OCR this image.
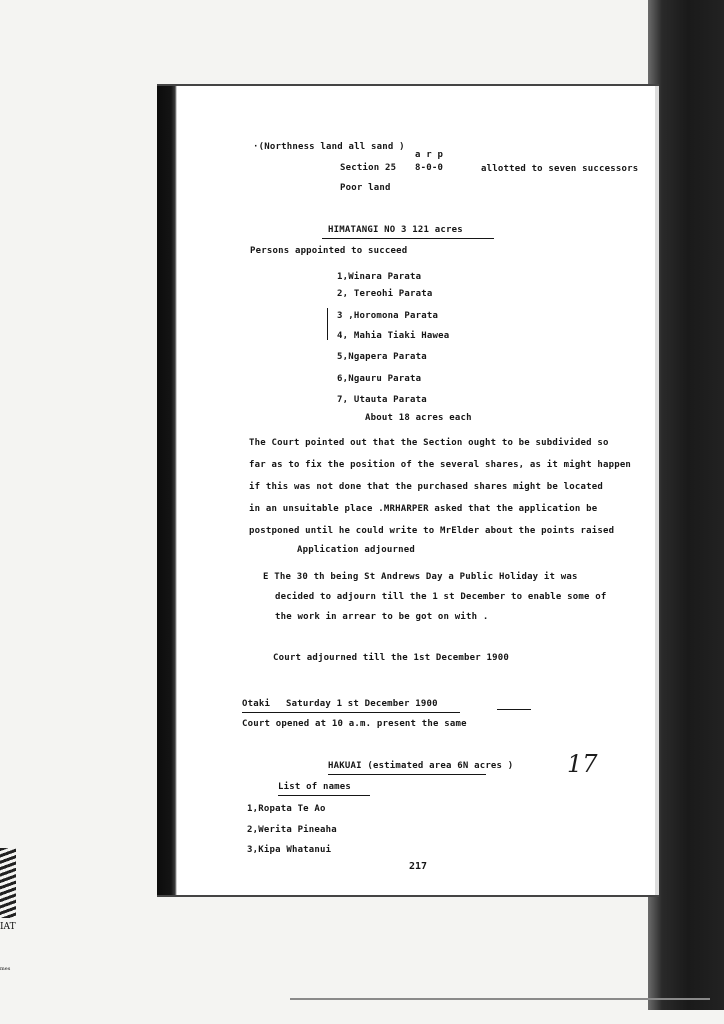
IAT
mes
·(Northness land all sand )
a r p
Section 25 8-0-0	allotted to seven successors
Poor land
HIMATANGI NO 3 121 acres
Persons appointed to succeed
1,Winara Parata
2, Tereohi Parata
3 ,Horomona Parata
4, Mahia Tiaki Hawea
5,Ngapera Parata
6,Ngauru Parata
7, Utauta Parata
About 18 acres each
The Court pointed out that the Section ought to be subdivided so
far as to fix the position of the several shares, as it might happen
if this was not done that the purchased shares might be located
in an unsuitable place .MRHARPER asked that the application be
postponed until he could write to MrElder about the points raised
Application adjourned
E The 30 th being St Andrews Day a Public Holiday it was
decided to adjourn till the 1 st December to enable some of
the work in arrear to be got on with .
Court adjourned till the 1st December 1900
Otaki Saturday 1 st December 1900
Court opened at 10 a.m. present the same
HAKUAI (estimated area 6N acres ) 17
List of names
1,Ropata Te Ao
2,Werita Pineaha
3,Kipa Whatanui
217
